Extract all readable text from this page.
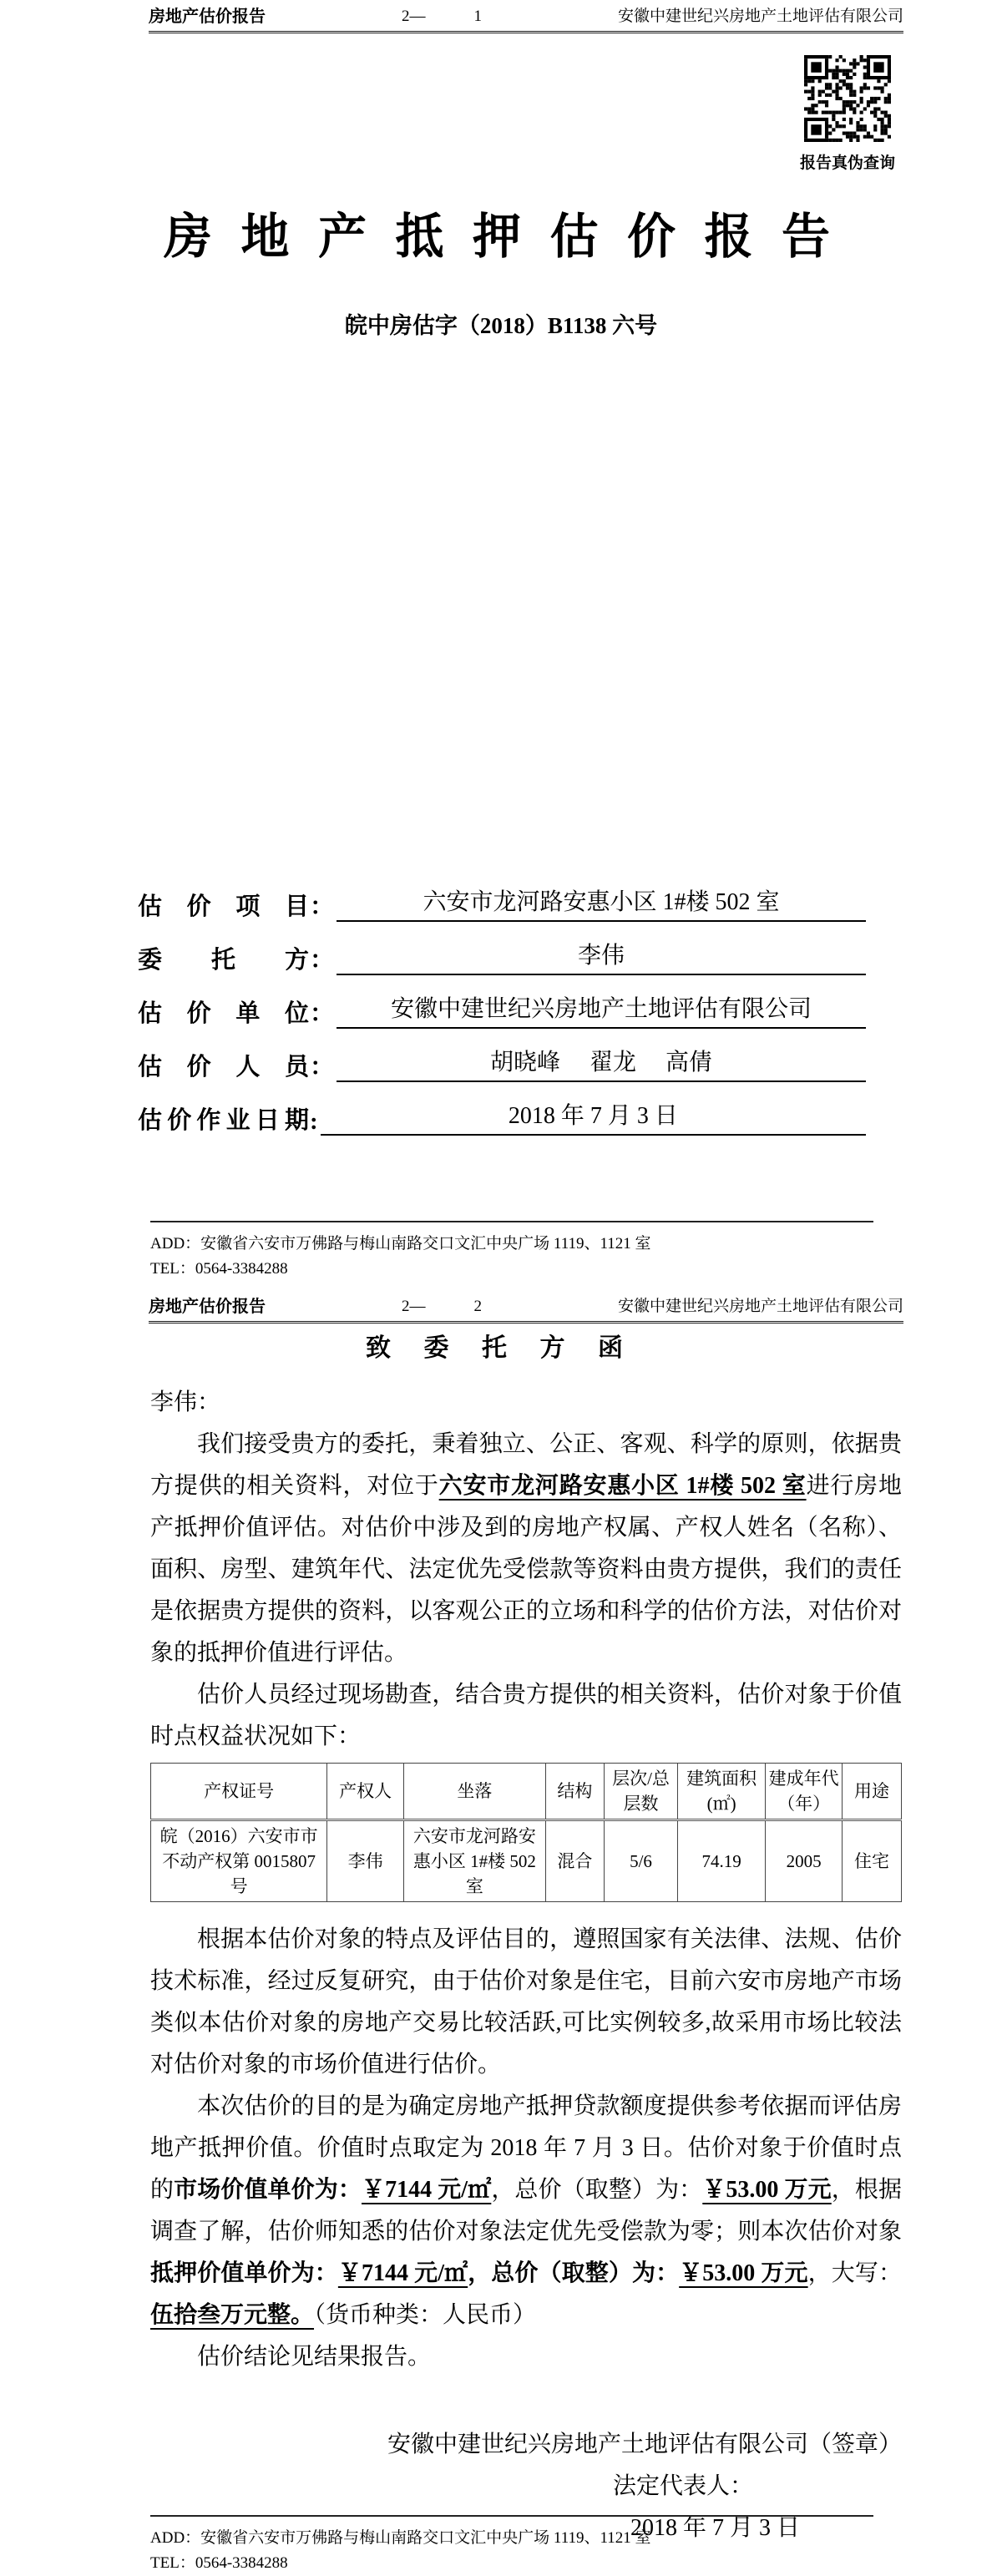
房地产估价报告	2—	1	安徽中建世纪兴房地产土地评估有限公司
报告真伪查询
房 地 产 抵 押 估 价 报 告
皖中房估字（2018）B1138 六号
估 价 项 目 ：	六安市龙河路安惠小区 1#楼 502 室
委 托 方 ：	李伟
估 价 单 位 ：	安徽中建世纪兴房地产土地评估有限公司
估 价 人 员 ：	胡晓峰　 翟龙　 高倩
估价作业日期 :	2018 年 7 月 3 日
ADD：安徽省六安市万佛路与梅山南路交口文汇中央广场 1119、1121 室
TEL：0564-3384288
房地产估价报告	2—	2	安徽中建世纪兴房地产土地评估有限公司
致 委 托 方 函

李伟：

我们接受贵方的委托，秉着独立、公正、客观、科学的原则，依据贵方提供的相关资料，对位于六安市龙河路安惠小区 1#楼 502 室进行房地产抵押价值评估。对估价中涉及到的房地产权属、产权人姓名（名称）、面积、房型、建筑年代、法定优先受偿款等资料由贵方提供，我们的责任是依据贵方提供的资料，以客观公正的立场和科学的估价方法，对估价对象的抵押价值进行评估。

估价人员经过现场勘查，结合贵方提供的相关资料，估价对象于价值时点权益状况如下：

产权证号	产权人	坐落	结构	层次/总层数	建筑面积(㎡)	建成年代（年）	用途
皖（2016）六安市市不动产权第 0015807 号	李伟	六安市龙河路安惠小区 1#楼 502 室	混合	5/6	74.19	2005	住宅

根据本估价对象的特点及评估目的，遵照国家有关法律、法规、估价技术标准，经过反复研究，由于估价对象是住宅，目前六安市房地产市场类似本估价对象的房地产交易比较活跃,可比实例较多,故采用市场比较法对估价对象的市场价值进行估价。

本次估价的目的是为确定房地产抵押贷款额度提供参考依据而评估房地产抵押价值。价值时点取定为 2018 年 7 月 3 日。估价对象于价值时点的市场价值单价为：￥7144 元/㎡，总价（取整）为：￥53.00 万元，根据调查了解，估价师知悉的估价对象法定优先受偿款为零；则本次估价对象抵押价值单价为：￥7144 元/㎡，总价（取整）为：￥53.00 万元，大写：伍拾叁万元整。（货币种类：人民币）

估价结论见结果报告。

安徽中建世纪兴房地产土地评估有限公司（签章）
法定代表人：
2018 年 7 月 3 日
ADD：安徽省六安市万佛路与梅山南路交口文汇中央广场 1119、1121 室
TEL：0564-3384288
